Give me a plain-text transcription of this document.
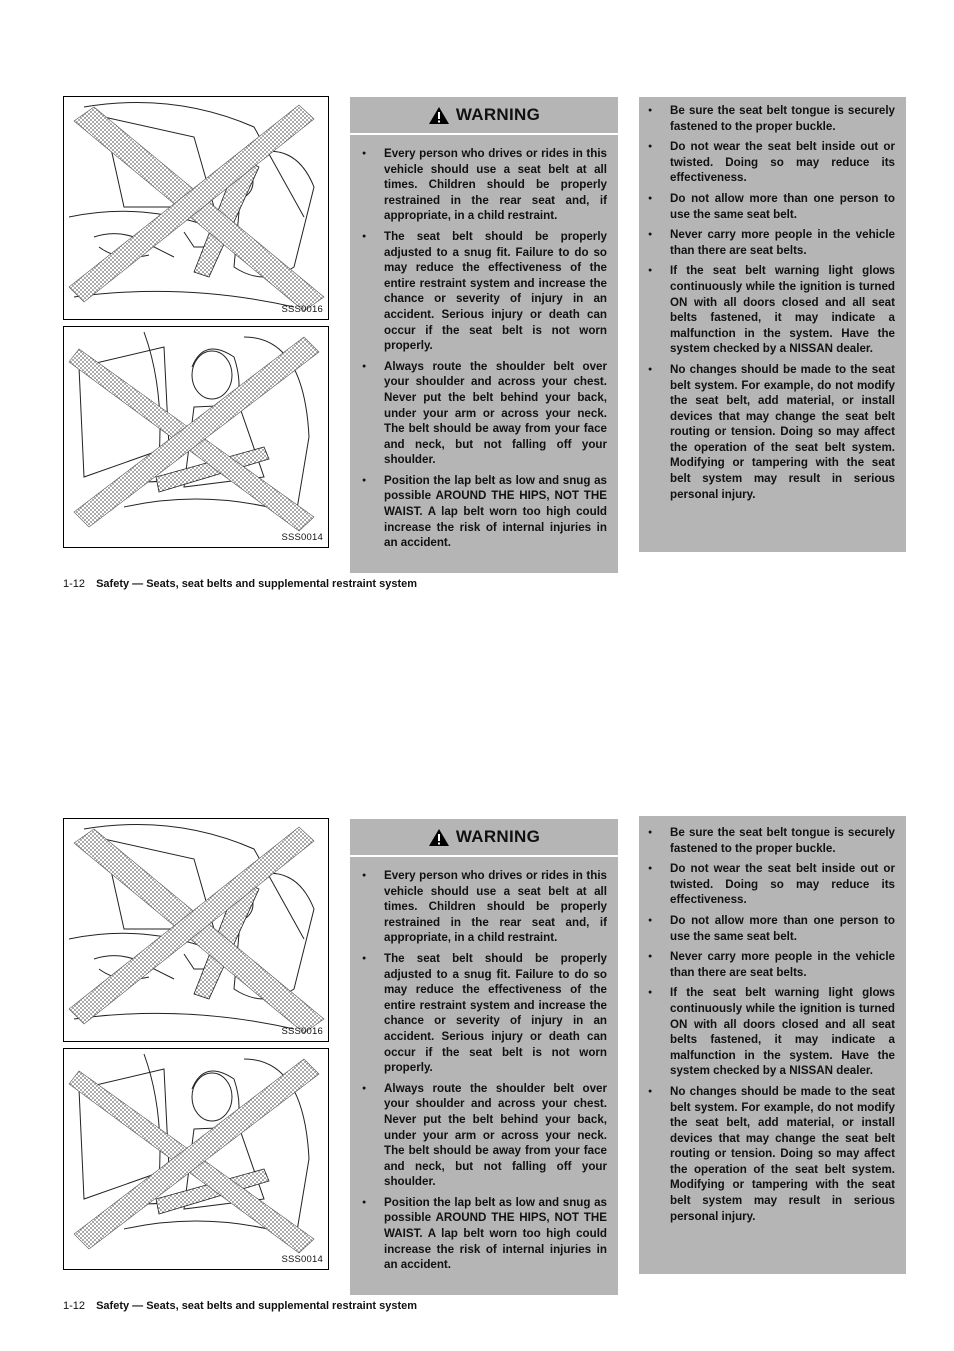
SSS0016
SSS0014
WARNING
● Every person who drives or rides in this vehicle should use a seat belt at all times. Children should be properly restrained in the rear seat and, if appropriate, in a child restraint.
● The seat belt should be properly adjusted to a snug fit. Failure to do so may reduce the effectiveness of the entire restraint system and increase the chance or severity of injury in an accident. Serious injury or death can occur if the seat belt is not worn properly.
● Always route the shoulder belt over your shoulder and across your chest. Never put the belt behind your back, under your arm or across your neck. The belt should be away from your face and neck, but not falling off your shoulder.
● Position the lap belt as low and snug as possible AROUND THE HIPS, NOT THE WAIST. A lap belt worn too high could increase the risk of internal injuries in an accident.
● Be sure the seat belt tongue is securely fastened to the proper buckle.
● Do not wear the seat belt inside out or twisted. Doing so may reduce its effectiveness.
● Do not allow more than one person to use the same seat belt.
● Never carry more people in the vehicle than there are seat belts.
● If the seat belt warning light glows continuously while the ignition is turned ON with all doors closed and all seat belts fastened, it may indicate a malfunction in the system. Have the system checked by a NISSAN dealer.
● No changes should be made to the seat belt system. For example, do not modify the seat belt, add material, or install devices that may change the seat belt routing or tension. Doing so may affect the operation of the seat belt system. Modifying or tampering with the seat belt system may result in serious personal injury.
1-12 Safety — Seats, seat belts and supplemental restraint system
SSS0016
SSS0014
WARNING
● Every person who drives or rides in this vehicle should use a seat belt at all times. Children should be properly restrained in the rear seat and, if appropriate, in a child restraint.
● The seat belt should be properly adjusted to a snug fit. Failure to do so may reduce the effectiveness of the entire restraint system and increase the chance or severity of injury in an accident. Serious injury or death can occur if the seat belt is not worn properly.
● Always route the shoulder belt over your shoulder and across your chest. Never put the belt behind your back, under your arm or across your neck. The belt should be away from your face and neck, but not falling off your shoulder.
● Position the lap belt as low and snug as possible AROUND THE HIPS, NOT THE WAIST. A lap belt worn too high could increase the risk of internal injuries in an accident.
● Be sure the seat belt tongue is securely fastened to the proper buckle.
● Do not wear the seat belt inside out or twisted. Doing so may reduce its effectiveness.
● Do not allow more than one person to use the same seat belt.
● Never carry more people in the vehicle than there are seat belts.
● If the seat belt warning light glows continuously while the ignition is turned ON with all doors closed and all seat belts fastened, it may indicate a malfunction in the system. Have the system checked by a NISSAN dealer.
● No changes should be made to the seat belt system. For example, do not modify the seat belt, add material, or install devices that may change the seat belt routing or tension. Doing so may affect the operation of the seat belt system. Modifying or tampering with the seat belt system may result in serious personal injury.
1-12 Safety — Seats, seat belts and supplemental restraint system
